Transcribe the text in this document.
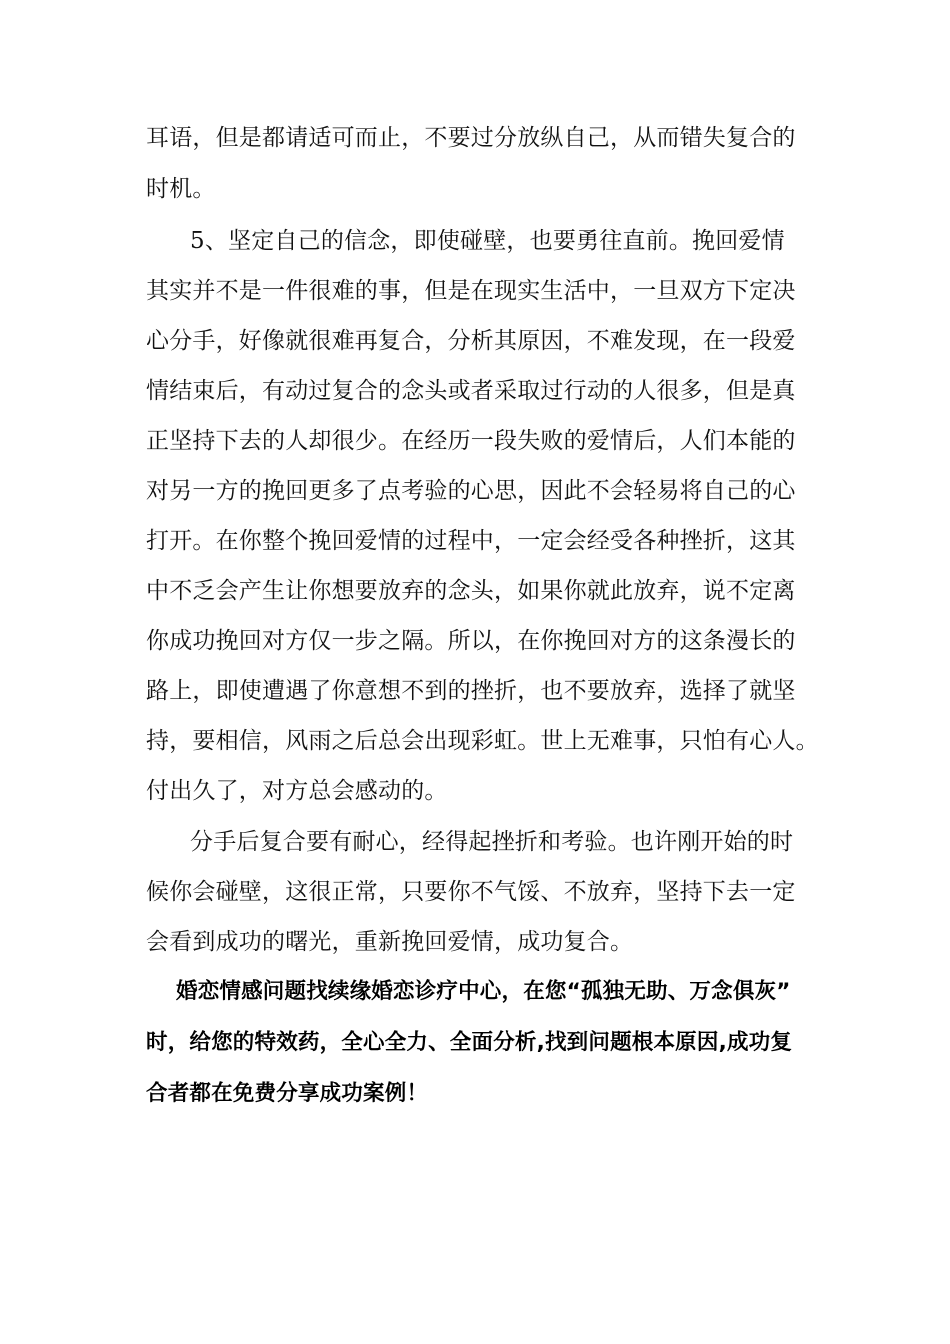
耳语，但是都请适可而止，不要过分放纵自己，从而错失复合的
时机。
5、坚定自己的信念，即使碰壁，也要勇往直前。挽回爱情
其实并不是一件很难的事，但是在现实生活中，一旦双方下定决
心分手，好像就很难再复合，分析其原因，不难发现，在一段爱
情结束后，有动过复合的念头或者采取过行动的人很多，但是真
正坚持下去的人却很少。在经历一段失败的爱情后，人们本能的
对另一方的挽回更多了点考验的心思，因此不会轻易将自己的心
打开。在你整个挽回爱情的过程中，一定会经受各种挫折，这其
中不乏会产生让你想要放弃的念头，如果你就此放弃，说不定离
你成功挽回对方仅一步之隔。所以，在你挽回对方的这条漫长的
路上，即使遭遇了你意想不到的挫折，也不要放弃，选择了就坚
持，要相信，风雨之后总会出现彩虹。世上无难事，只怕有心人。
付出久了，对方总会感动的。
分手后复合要有耐心，经得起挫折和考验。也许刚开始的时
候你会碰壁，这很正常，只要你不气馁、不放弃，坚持下去一定
会看到成功的曙光，重新挽回爱情，成功复合。
婚恋情感问题找续缘婚恋诊疗中心，在您“孤独无助、万念俱灰”
时，给您的特效药，全心全力、全面分析,找到问题根本原因,成功复
合者都在免费分享成功案例！
